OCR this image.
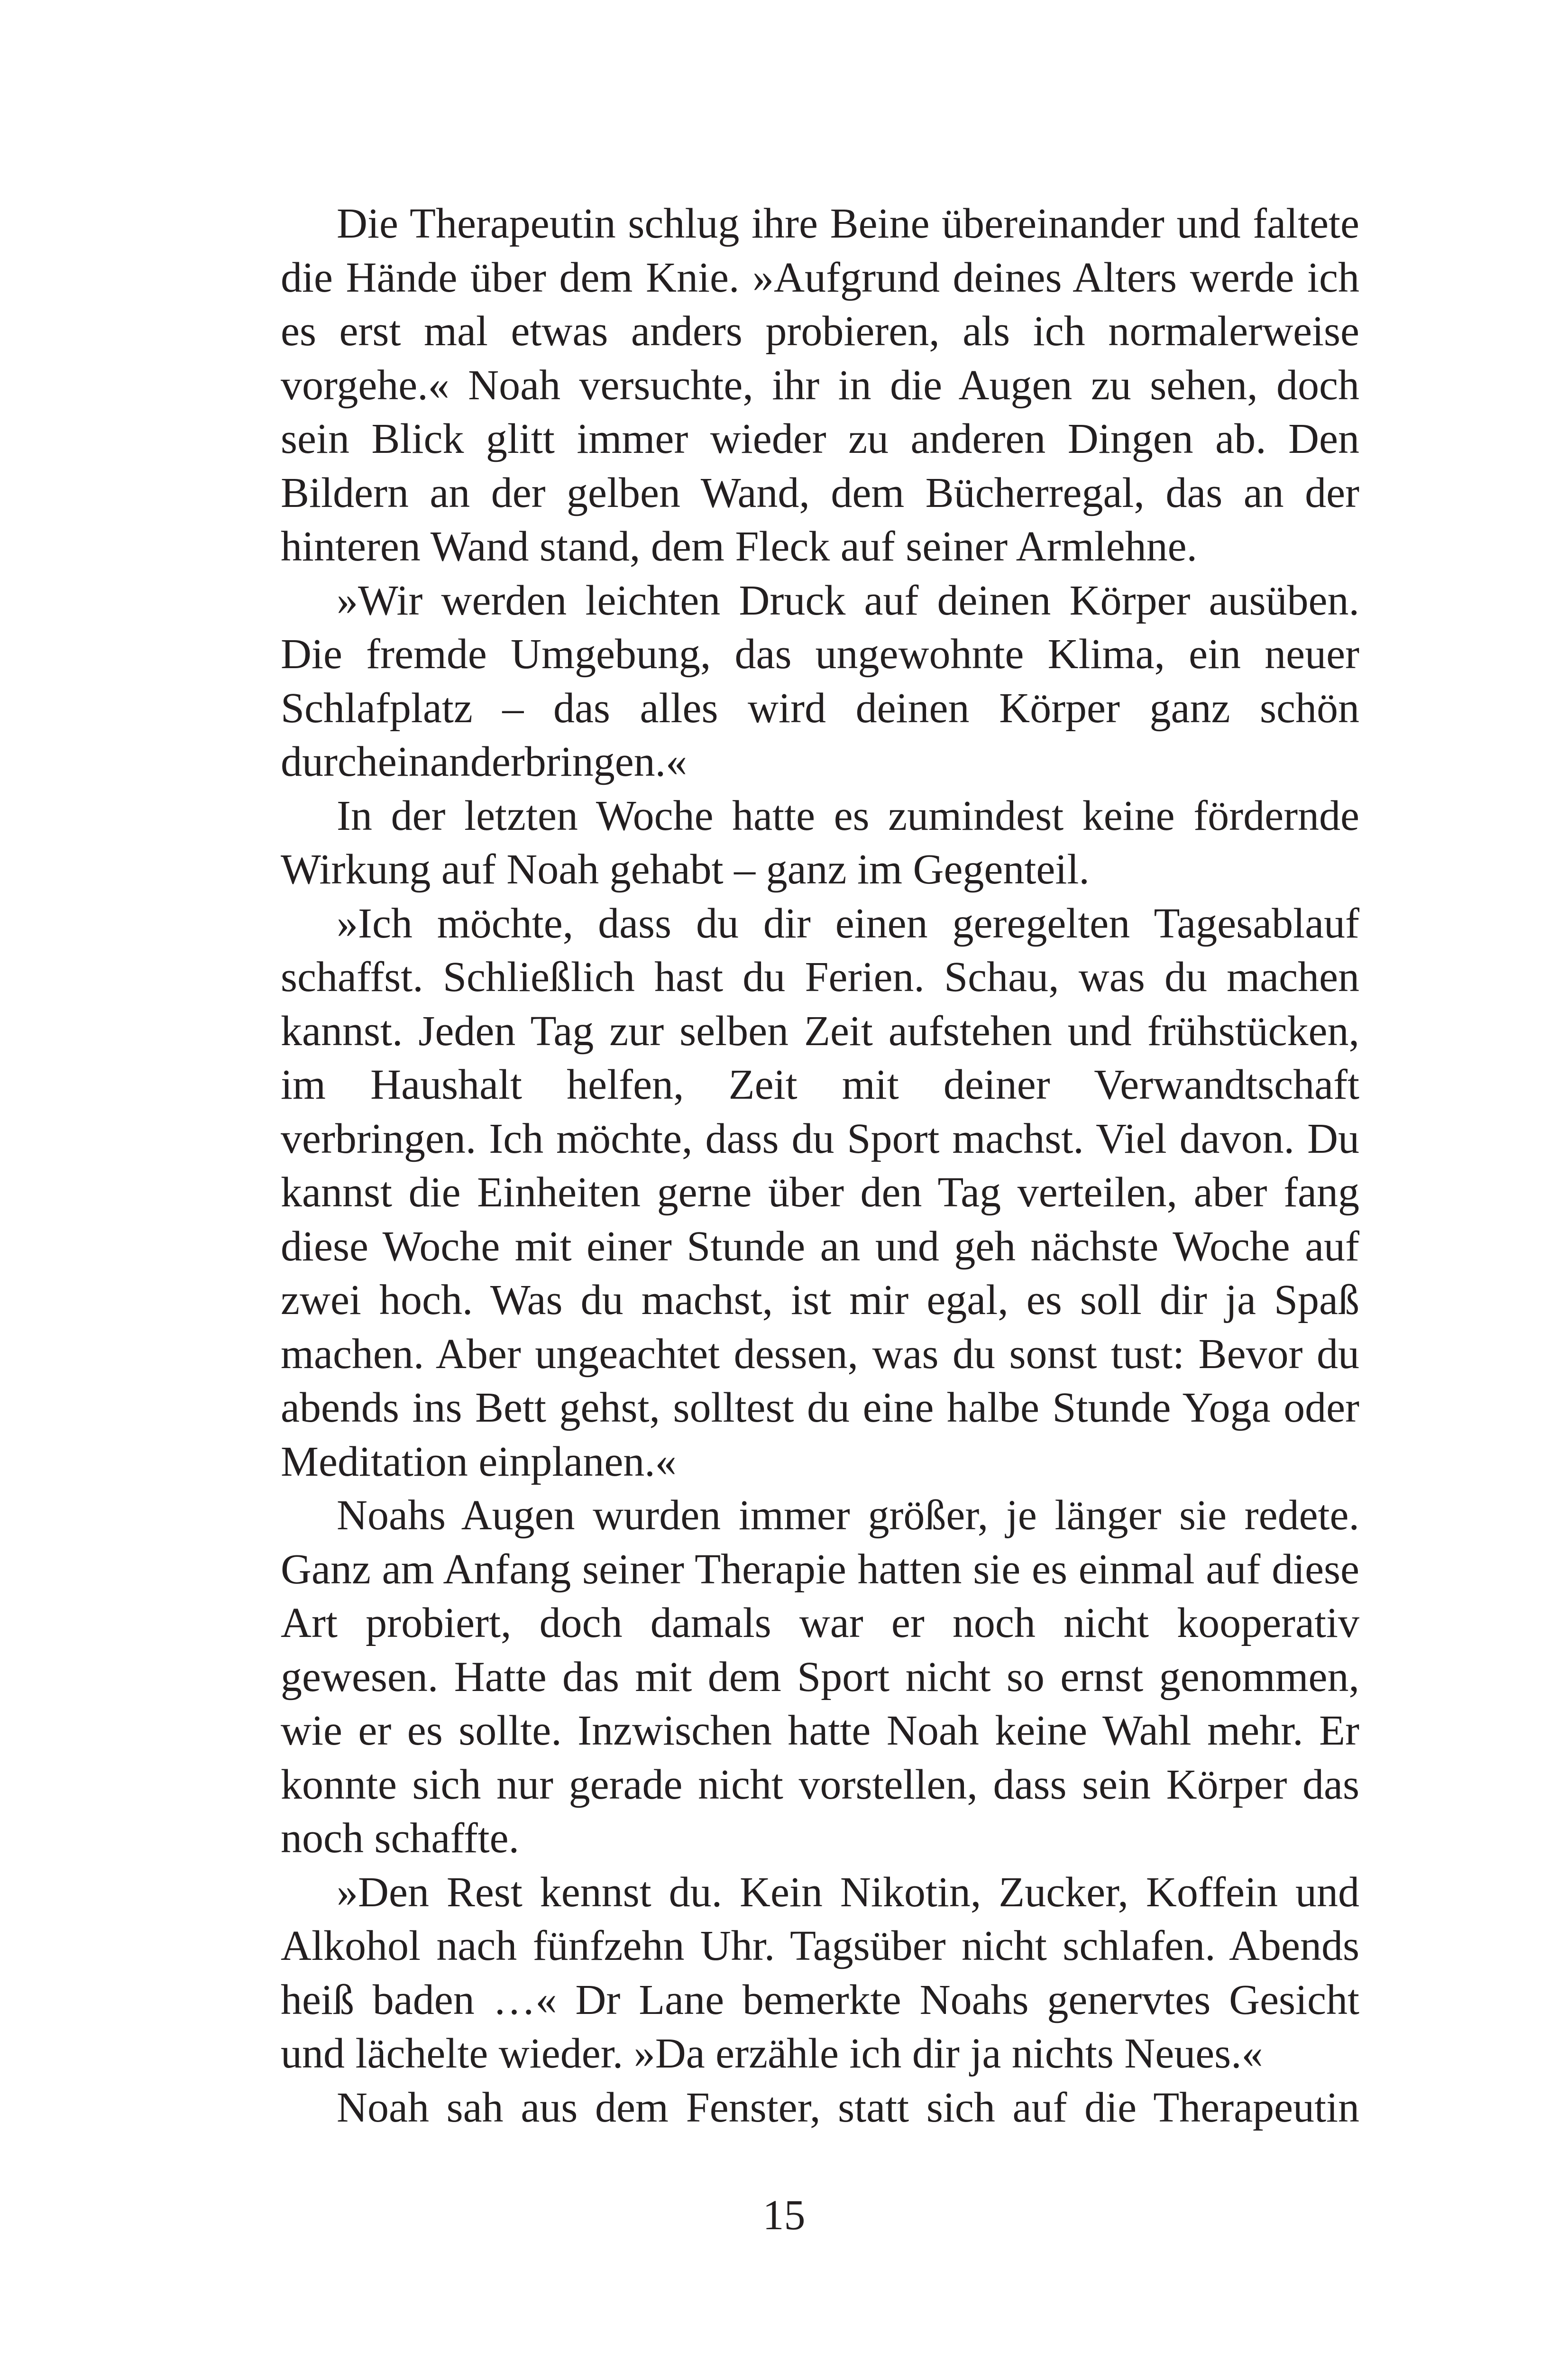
Die Therapeutin schlug ihre Beine übereinander und faltete die Hände über dem Knie. »Aufgrund deines Alters werde ich es erst mal etwas anders probieren, als ich normalerweise vorgehe.« Noah versuchte, ihr in die Augen zu sehen, doch sein Blick glitt immer wieder zu anderen Dingen ab. Den Bildern an der gelben Wand, dem Bücherregal, das an der hinteren Wand stand, dem Fleck auf seiner Armlehne.

»Wir werden leichten Druck auf deinen Körper ausüben. Die fremde Umgebung, das ungewohnte Klima, ein neuer Schlafplatz – das alles wird deinen Körper ganz schön durcheinanderbringen.«

In der letzten Woche hatte es zumindest keine fördernde Wirkung auf Noah gehabt – ganz im Gegenteil.

»Ich möchte, dass du dir einen geregelten Tagesablauf schaffst. Schließlich hast du Ferien. Schau, was du machen kannst. Jeden Tag zur selben Zeit aufstehen und frühstücken, im Haushalt helfen, Zeit mit deiner Verwandtschaft verbringen. Ich möchte, dass du Sport machst. Viel davon. Du kannst die Einheiten gerne über den Tag verteilen, aber fang diese Woche mit einer Stunde an und geh nächste Woche auf zwei hoch. Was du machst, ist mir egal, es soll dir ja Spaß machen. Aber ungeachtet dessen, was du sonst tust: Bevor du abends ins Bett gehst, solltest du eine halbe Stunde Yoga oder Meditation einplanen.«

Noahs Augen wurden immer größer, je länger sie redete. Ganz am Anfang seiner Therapie hatten sie es einmal auf diese Art probiert, doch damals war er noch nicht kooperativ gewesen. Hatte das mit dem Sport nicht so ernst genommen, wie er es sollte. Inzwischen hatte Noah keine Wahl mehr. Er konnte sich nur gerade nicht vorstellen, dass sein Körper das noch schaffte.

»Den Rest kennst du. Kein Nikotin, Zucker, Koffein und Alkohol nach fünfzehn Uhr. Tagsüber nicht schlafen. Abends heiß baden …« Dr Lane bemerkte Noahs genervtes Gesicht und lächelte wieder. »Da erzähle ich dir ja nichts Neues.«

Noah sah aus dem Fenster, statt sich auf die Therapeutin

15
